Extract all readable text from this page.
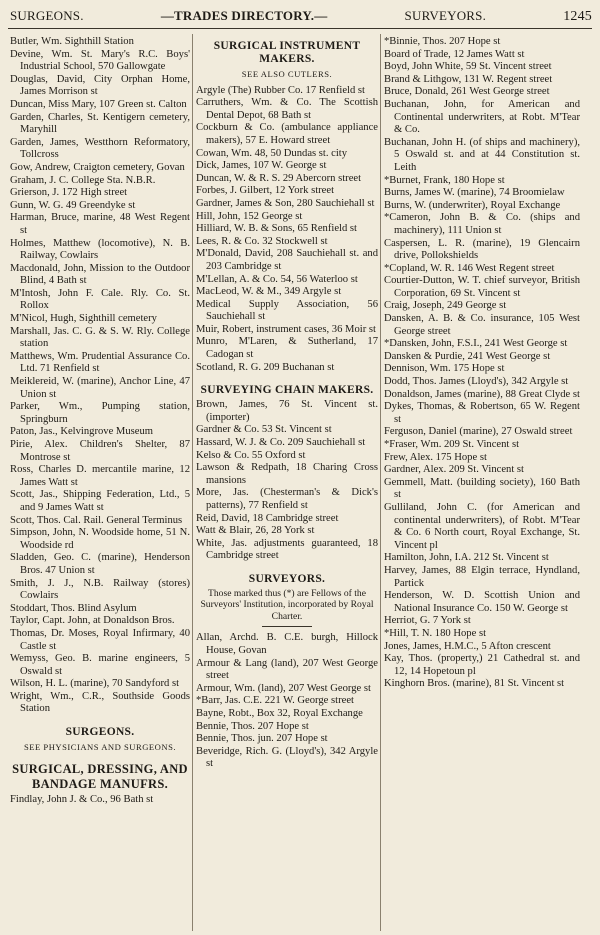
SURGEONS.	—TRADES DIRECTORY.—	SURVEYORS.	1245
Butler, Wm. Sighthill Station
Devine, Wm. St. Mary's R.C. Boys' Industrial School, 570 Gallowgate
Douglas, David, City Orphan Home, James Morrison st
Duncan, Miss Mary, 107 Green st. Calton
Garden, Charles, St. Kentigern cemetery, Maryhill
Garden, James, Westthorn Reformatory, Tollcross
Gow, Andrew, Craigton cemetery, Govan
Graham, J. C. College Sta. N.B.R.
Grierson, J. 172 High street
Gunn, W. G. 49 Greendyke st
Harman, Bruce, marine, 48 West Regent st
Holmes, Matthew (locomotive), N. B. Railway, Cowlairs
Macdonald, John, Mission to the Outdoor Blind, 4 Bath st
M'Intosh, John F. Cale. Rly. Co. St. Rollox
M'Nicol, Hugh, Sighthill cemetery
Marshall, Jas. C. G. & S. W. Rly. College station
Matthews, Wm. Prudential Assurance Co. Ltd. 71 Renfield st
Meiklereid, W. (marine), Anchor Line, 47 Union st
Parker, Wm., Pumping station, Springburn
Paton, Jas., Kelvingrove Museum
Pirie, Alex. Children's Shelter, 87 Montrose st
Ross, Charles D. mercantile marine, 12 James Watt st
Scott, Jas., Shipping Federation, Ltd., 5 and 9 James Watt st
Scott, Thos. Cal. Rail. General Terminus
Simpson, John, N. Woodside home, 51 N. Woodside rd
Sladden, Geo. C. (marine), Henderson Bros. 47 Union st
Smith, J. J., N.B. Railway (stores) Cowlairs
Stoddart, Thos. Blind Asylum
Taylor, Capt. John, at Donaldson Bros.
Thomas, Dr. Moses, Royal Infirmary, 40 Castle st
Wemyss, Geo. B. marine engineers, 5 Oswald st
Wilson, H. L. (marine), 70 Sandyford st
Wright, Wm., C.R., Southside Goods Station
SURGEONS.
SEE PHYSICIANS AND SURGEONS.
SURGICAL, DRESSING, AND BANDAGE MANUFRS.
Findlay, John J. & Co., 96 Bath st
SURGICAL INSTRUMENT MAKERS.
SEE ALSO CUTLERS.
Argyle (The) Rubber Co. 17 Renfield st
Carruthers, Wm. & Co. The Scottish Dental Depot, 68 Bath st
Cockburn & Co. (ambulance appliance makers), 57 E. Howard street
Cowan, Wm. 48, 50 Dundas st. city
Dick, James, 107 W. George st
Duncan, W. & R. S. 29 Abercorn street
Forbes, J. Gilbert, 12 York street
Gardner, James & Son, 280 Sauchiehall st
Hill, John, 152 George st
Hilliard, W. B. & Sons, 65 Renfield st
Lees, R. & Co. 32 Stockwell st
M'Donald, David, 208 Sauchiehall st. and 203 Cambridge st
M'Lellan, A. & Co. 54, 56 Waterloo st
MacLeod, W. & M., 349 Argyle st
Medical Supply Association, 56 Sauchiehall st
Muir, Robert, instrument cases, 36 Moir st
Munro, M'Laren, & Sutherland, 17 Cadogan st
Scotland, R. G. 209 Buchanan st
SURVEYING CHAIN MAKERS.
Brown, James, 76 St. Vincent st. (importer)
Gardner & Co. 53 St. Vincent st
Hassard, W. J. & Co. 209 Sauchiehall st
Kelso & Co. 55 Oxford st
Lawson & Redpath, 18 Charing Cross mansions
More, Jas. (Chesterman's & Dick's patterns), 77 Renfield st
Reid, David, 18 Cambridge street
Watt & Blair, 26, 28 York st
White, Jas. adjustments guaranteed, 18 Cambridge street
SURVEYORS.
Those marked thus (*) are Fellows of the Surveyors' Institution, incorporated by Royal Charter.
Allan, Archd. B. C.E. burgh, Hillock House, Govan
Armour & Lang (land), 207 West George street
Armour, Wm. (land), 207 West George st
*Barr, Jas. C.E. 221 W. George street
Bayne, Robt., Box 32, Royal Exchange
Bennie, Thos. 207 Hope st
Bennie, Thos. jun. 207 Hope st
Beveridge, Rich. G. (Lloyd's), 342 Argyle st
*Binnie, Thos. 207 Hope st
Board of Trade, 12 James Watt st
Boyd, John White, 59 St. Vincent street
Brand & Lithgow, 131 W. Regent street
Bruce, Donald, 261 West George street
Buchanan, John, for American and Continental underwriters, at Robt. M'Tear & Co.
Buchanan, John H. (of ships and machinery), 5 Oswald st. and at 44 Constitution st. Leith
*Burnet, Frank, 180 Hope st
Burns, James W. (marine), 74 Broomielaw
Burns, W. (underwriter), Royal Exchange
*Cameron, John B. & Co. (ships and machinery), 111 Union st
Caspersen, L. R. (marine), 19 Glencairn drive, Pollokshields
*Copland, W. R. 146 West Regent street
Courtier-Dutton, W. T. chief surveyor, British Corporation, 69 St. Vincent st
Craig, Joseph, 249 George st
Dansken, A. B. & Co. insurance, 105 West George street
*Dansken, John, F.S.I., 241 West George st
Dansken & Purdie, 241 West George st
Dennison, Wm. 175 Hope st
Dodd, Thos. James (Lloyd's), 342 Argyle st
Donaldson, James (marine), 88 Great Clyde st
Dykes, Thomas, & Robertson, 65 W. Regent st
Ferguson, Daniel (marine), 27 Oswald street
*Fraser, Wm. 209 St. Vincent st
Frew, Alex. 175 Hope st
Gardner, Alex. 209 St. Vincent st
Gemmell, Matt. (building society), 160 Bath st
Gulliland, John C. (for American and continental underwriters), of Robt. M'Tear & Co. 6 North court, Royal Exchange, St. Vincent pl
Hamilton, John, I.A. 212 St. Vincent st
Harvey, James, 88 Elgin terrace, Hyndland, Partick
Henderson, W. D. Scottish Union and National Insurance Co. 150 W. George st
Herriot, G. 7 York st
*Hill, T. N. 180 Hope st
Jones, James, H.M.C., 5 Afton crescent
Kay, Thos. (property,) 21 Cathedral st. and 12, 14 Hopetoun pl
Kinghorn Bros. (marine), 81 St. Vincent st
